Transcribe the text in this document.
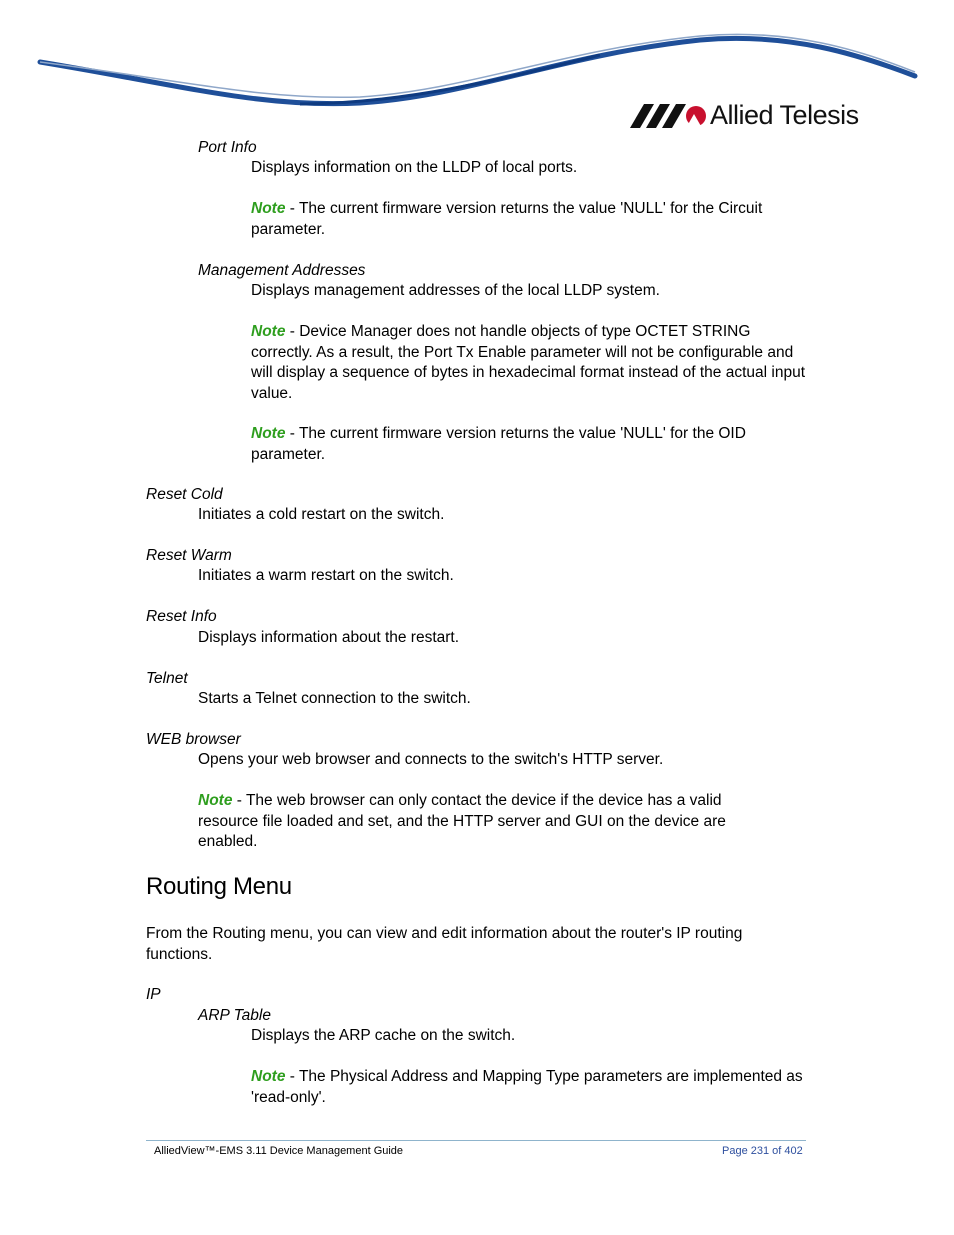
Allied Telesis
Port Info
Displays information on the LLDP of local ports.
Note - The current firmware version returns the value 'NULL' for the Circuit parameter.
Management Addresses
Displays management addresses of the local LLDP system.
Note - Device Manager does not handle objects of type OCTET STRING correctly. As a result, the Port Tx Enable parameter will not be configurable and will display a sequence of bytes in hexadecimal format instead of the actual input value.
Note - The current firmware version returns the value 'NULL' for the OID parameter.
Reset Cold
Initiates a cold restart on the switch.
Reset Warm
Initiates a warm restart on the switch.
Reset Info
Displays information about the restart.
Telnet
Starts a Telnet connection to the switch.
WEB browser
Opens your web browser and connects to the switch's HTTP server.
Note - The web browser can only contact the device if the device has a valid resource file loaded and set, and the HTTP server and GUI on the device are enabled.
Routing Menu
From the Routing menu, you can view and edit information about the router's IP routing functions.
IP
ARP Table
Displays the ARP cache on the switch.
Note - The Physical Address and Mapping Type parameters are implemented as 'read-only'.
AlliedView™-EMS 3.11 Device Management Guide	Page 231 of 402
